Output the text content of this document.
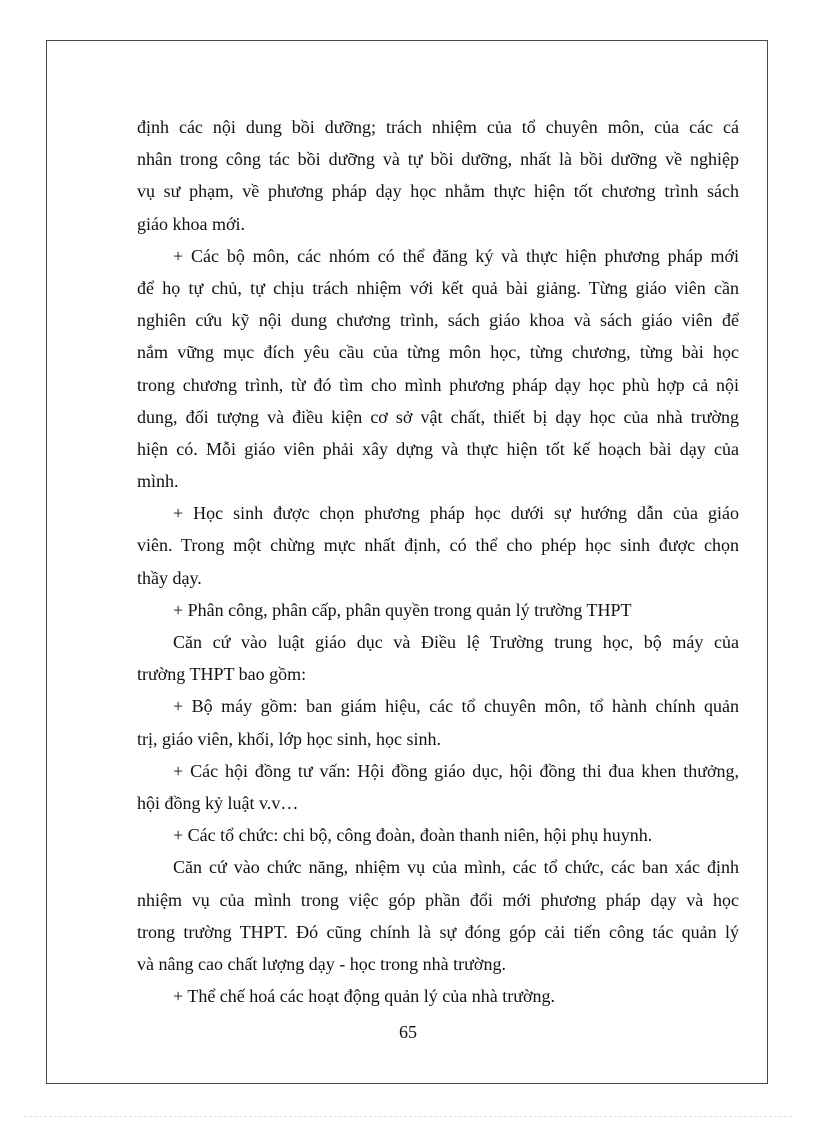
định các nội dung bồi dưỡng; trách nhiệm của tổ chuyên môn, của các cá
nhân trong công tác bồi dưỡng và tự bồi dưỡng, nhất là bồi dưỡng về nghiệp
vụ sư phạm, về phương pháp dạy học nhằm thực hiện tốt chương trình sách
giáo khoa mới.
+ Các bộ môn, các nhóm có thể đăng ký và thực hiện phương pháp mới
để họ tự chủ, tự chịu trách nhiệm với kết quả bài giảng. Từng giáo viên cần
nghiên cứu kỹ nội dung chương trình, sách giáo khoa và sách giáo viên để
nắm vững mục đích yêu cầu của từng môn học, từng chương, từng bài học
trong chương trình, từ đó tìm cho mình phương pháp dạy học phù hợp cả nội
dung, đối tượng và điều kiện cơ sở vật chất, thiết bị dạy học của nhà trường
hiện có. Mỗi giáo viên phải xây dựng và thực hiện tốt kế hoạch bài dạy của
mình.
+ Học sinh được chọn phương pháp học dưới sự hướng dẫn của giáo
viên. Trong một chừng mực nhất định, có thể cho phép học sinh được chọn
thầy dạy.
+ Phân công, phân cấp, phân quyền trong quản lý trường THPT
Căn cứ vào luật giáo dục và Điều lệ Trường trung học, bộ máy của
trường THPT bao gồm:
+ Bộ máy gồm: ban giám hiệu, các tổ chuyên môn, tổ hành chính quản
trị, giáo viên, khối, lớp học sinh, học sinh.
+ Các hội đồng tư vấn: Hội đồng giáo dục, hội đồng thi đua khen thưởng,
hội đồng kỷ luật v.v…
+ Các tổ chức: chi bộ, công đoàn, đoàn thanh niên, hội phụ huynh.
Căn cứ vào chức năng, nhiệm vụ của mình, các tổ chức, các ban xác định
nhiệm vụ của mình trong việc góp phần đổi mới phương pháp dạy và học
trong trường THPT. Đó cũng chính là sự đóng góp cải tiến công tác quản lý
và nâng cao chất lượng dạy - học trong nhà trường.
+ Thể chế hoá các hoạt động quản lý của nhà trường.
65
